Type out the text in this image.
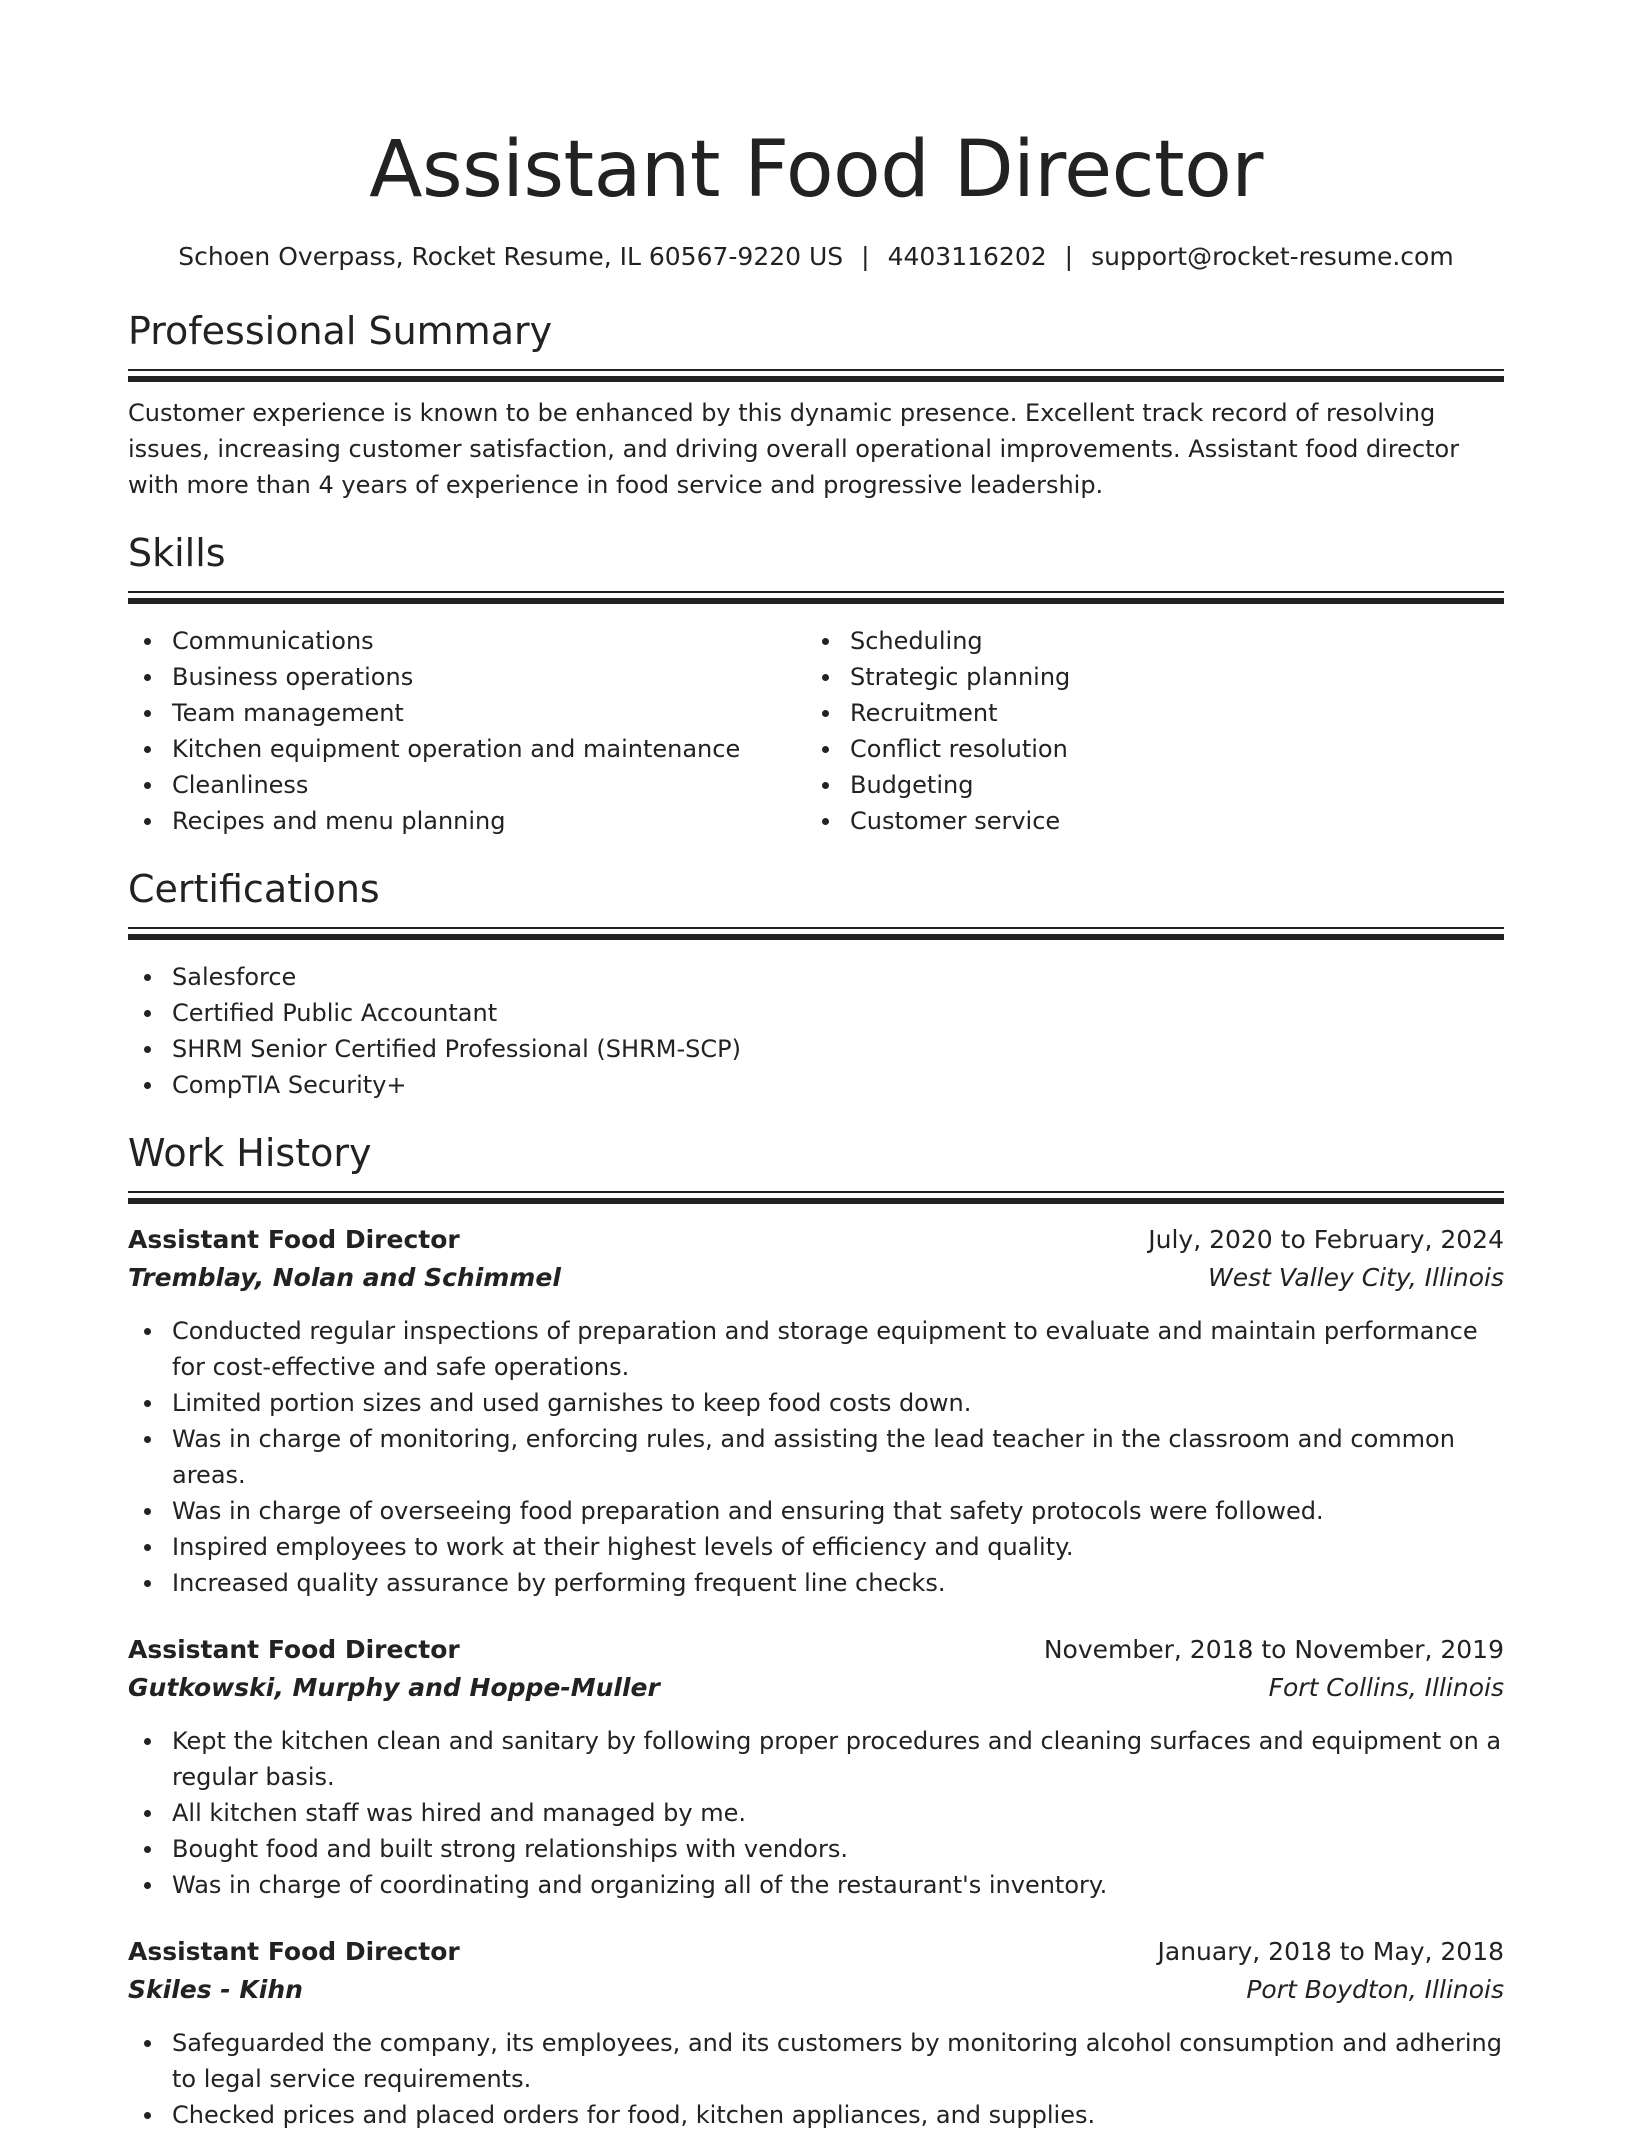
Assistant Food Director
Schoen Overpass, Rocket Resume, IL 60567-9220 US | 4403116202 | support@rocket-resume.com
Professional Summary

Customer experience is known to be enhanced by this dynamic presence. Excellent track record of resolving issues, increasing customer satisfaction, and driving overall operational improvements. Assistant food director with more than 4 years of experience in food service and progressive leadership.

Skills
Communications
Business operations
Team management
Kitchen equipment operation and maintenance
Cleanliness
Recipes and menu planning
Scheduling
Strategic planning
Recruitment
Conflict resolution
Budgeting
Customer service
Certifications
Salesforce
Certified Public Accountant
SHRM Senior Certified Professional (SHRM-SCP)
CompTIA Security+
Work History
Assistant Food Director	July, 2020 to February, 2024
Tremblay, Nolan and Schimmel	West Valley City, Illinois
Conducted regular inspections of preparation and storage equipment to evaluate and maintain performance for cost-effective and safe operations.
Limited portion sizes and used garnishes to keep food costs down.
Was in charge of monitoring, enforcing rules, and assisting the lead teacher in the classroom and common areas.
Was in charge of overseeing food preparation and ensuring that safety protocols were followed.
Inspired employees to work at their highest levels of efficiency and quality.
Increased quality assurance by performing frequent line checks.
Assistant Food Director	November, 2018 to November, 2019
Gutkowski, Murphy and Hoppe-Muller	Fort Collins, Illinois
Kept the kitchen clean and sanitary by following proper procedures and cleaning surfaces and equipment on a regular basis.
All kitchen staff was hired and managed by me.
Bought food and built strong relationships with vendors.
Was in charge of coordinating and organizing all of the restaurant's inventory.
Assistant Food Director	January, 2018 to May, 2018
Skiles - Kihn	Port Boydton, Illinois
Safeguarded the company, its employees, and its customers by monitoring alcohol consumption and adhering to legal service requirements.
Checked prices and placed orders for food, kitchen appliances, and supplies.
